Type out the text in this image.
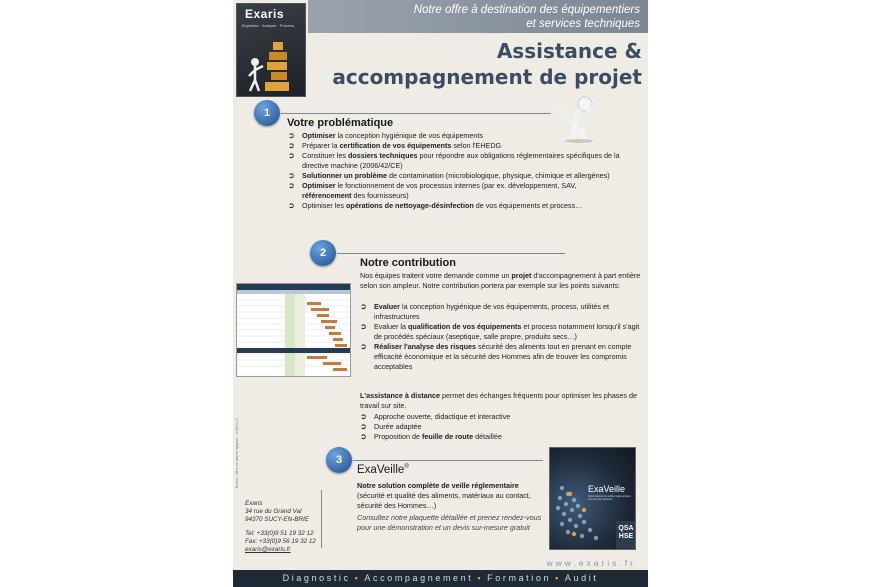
Exaris
Expertise · Analyse · Process
Notre offre à destination des équipementiers
et services techniques
Assistance &
accompagnement de projet
1
Votre problématique
➲ Optimiser la conception hygiénique de vos équipements
➲ Préparer la certification de vos équipements selon l'EHEDG
➲ Constituer les dossiers techniques pour répondre aux obligations réglementaires spécifiques de la directive machine (2006/42/CE)
➲ Solutionner un problème de contamination (microbiologique, physique, chimique et allergènes)
➲ Optimiser le fonctionnement de vos processus internes (par ex. développement, SAV, référencement des fournisseurs)
➲ Optimiser les opérations de nettoyage-désinfection de vos équipements et process…
2
Notre contribution
Nos équipes traitent votre demande comme un projet d'accompagnement à part entière selon son ampleur. Notre contribution portera par exemple sur les points suivants:
➲ Evaluer la conception hygiénique de vos équipements, process, utilités et infrastructures
➲ Evaluer la qualification de vos équipements et process notamment lorsqu'il s'agit de procédés spéciaux (aseptique, salle propre, produits secs…)
➲ Réaliser l'analyse des risques sécurité des aliments tout en prenant en compte efficacité économique et la sécurité des Hommes afin de trouver les compromis acceptables
L'assistance à distance permet des échanges fréquents pour optimiser les phases de travail sur site.
➲ Approche ouverte, didactique et interactive
➲ Durée adaptée
➲ Proposition de feuille de route détaillée
3
ExaVeille®
Notre solution complète de veille réglementaire (sécurité et qualité des aliments, matériaux au contact, sécurité des Hommes…)
Consultez notre plaquette détaillée et prenez rendez-vous pour une démonstration et un devis sur-mesure gratuit
ExaVeille
Votre solution de veille réglementaire · sécurité des aliments
QSA
HSE
Exaris – Mise en œuvre hygiène – V.2014-12
Exaris
34 rue du Grand Val
94370 SUCY-EN-BRIE
Tel: +33(0)9 51 19 32 12
Fax: +33(0)9 56 19 32 12
exaris@exaris.fr
www.exaris.fr
Diagnostic ▪ Accompagnement ▪ Formation ▪ Audit
